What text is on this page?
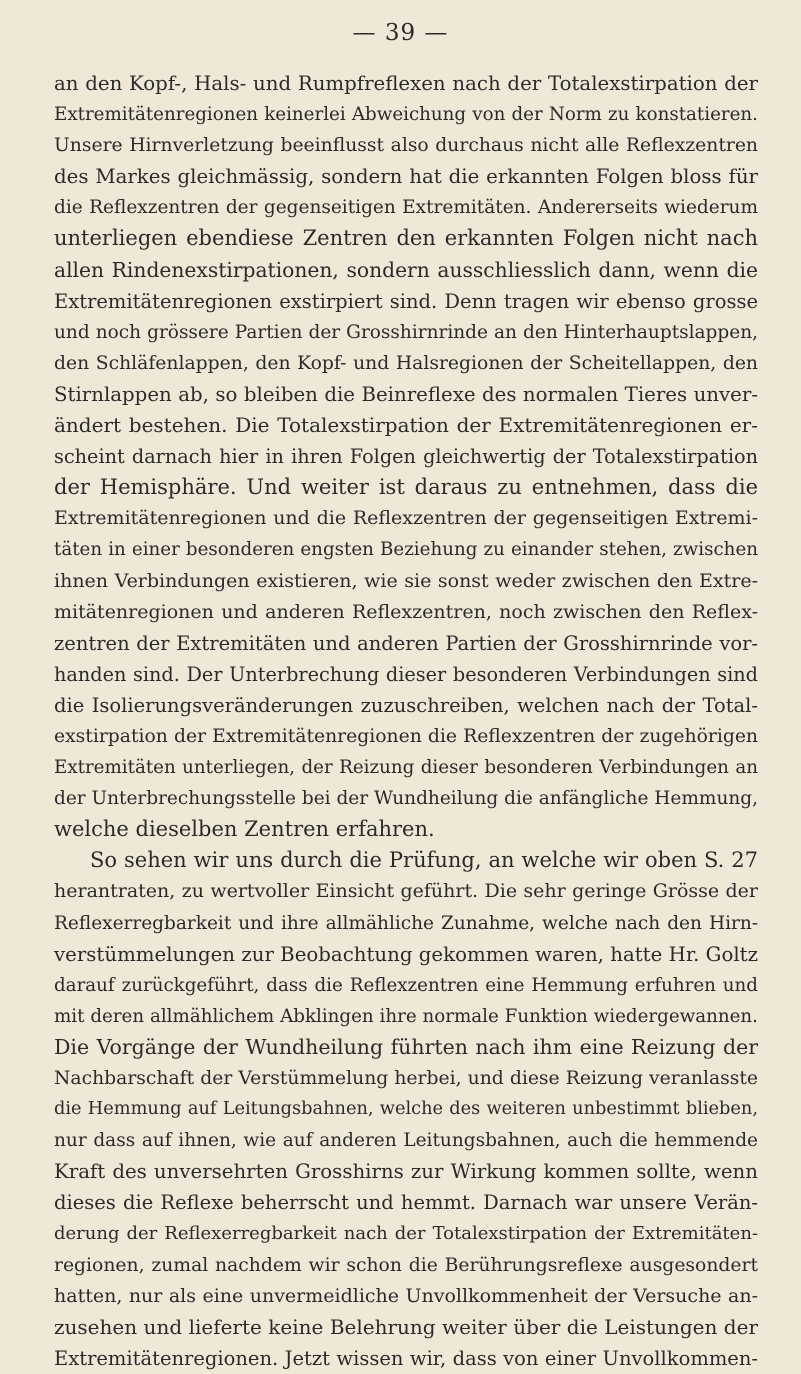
— 39 —
an den Kopf-, Hals- und Rumpfreflexen nach der Totalexstirpation der
Extremitätenregionen keinerlei Abweichung von der Norm zu konstatieren.
Unsere Hirnverletzung beeinflusst also durchaus nicht alle Reflexzentren
des Markes gleichmässig, sondern hat die erkannten Folgen bloss für
die Reflexzentren der gegenseitigen Extremitäten. Andererseits wiederum
unterliegen ebendiese Zentren den erkannten Folgen nicht nach
allen Rindenexstirpationen, sondern ausschliesslich dann, wenn die
Extremitätenregionen exstirpiert sind. Denn tragen wir ebenso grosse
und noch grössere Partien der Grosshirnrinde an den Hinterhauptslappen,
den Schläfenlappen, den Kopf- und Halsregionen der Scheitellappen, den
Stirnlappen ab, so bleiben die Beinreflexe des normalen Tieres unver-
ändert bestehen. Die Totalexstirpation der Extremitätenregionen er-
scheint darnach hier in ihren Folgen gleichwertig der Totalexstirpation
der Hemisphäre. Und weiter ist daraus zu entnehmen, dass die
Extremitätenregionen und die Reflexzentren der gegenseitigen Extremi-
täten in einer besonderen engsten Beziehung zu einander stehen, zwischen
ihnen Verbindungen existieren, wie sie sonst weder zwischen den Extre-
mitätenregionen und anderen Reflexzentren, noch zwischen den Reflex-
zentren der Extremitäten und anderen Partien der Grosshirnrinde vor-
handen sind. Der Unterbrechung dieser besonderen Verbindungen sind
die Isolierungsveränderungen zuzuschreiben, welchen nach der Total-
exstirpation der Extremitätenregionen die Reflexzentren der zugehörigen
Extremitäten unterliegen, der Reizung dieser besonderen Verbindungen an
der Unterbrechungsstelle bei der Wundheilung die anfängliche Hemmung,
welche dieselben Zentren erfahren.
So sehen wir uns durch die Prüfung, an welche wir oben S. 27
herantraten, zu wertvoller Einsicht geführt. Die sehr geringe Grösse der
Reflexerregbarkeit und ihre allmähliche Zunahme, welche nach den Hirn-
verstümmelungen zur Beobachtung gekommen waren, hatte Hr. Goltz
darauf zurückgeführt, dass die Reflexzentren eine Hemmung erfuhren und
mit deren allmählichem Abklingen ihre normale Funktion wiedergewannen.
Die Vorgänge der Wundheilung führten nach ihm eine Reizung der
Nachbarschaft der Verstümmelung herbei, und diese Reizung veranlasste
die Hemmung auf Leitungsbahnen, welche des weiteren unbestimmt blieben,
nur dass auf ihnen, wie auf anderen Leitungsbahnen, auch die hemmende
Kraft des unversehrten Grosshirns zur Wirkung kommen sollte, wenn
dieses die Reflexe beherrscht und hemmt. Darnach war unsere Verän-
derung der Reflexerregbarkeit nach der Totalexstirpation der Extremitäten-
regionen, zumal nachdem wir schon die Berührungsreflexe ausgesondert
hatten, nur als eine unvermeidliche Unvollkommenheit der Versuche an-
zusehen und lieferte keine Belehrung weiter über die Leistungen der
Extremitätenregionen. Jetzt wissen wir, dass von einer Unvollkommen-
